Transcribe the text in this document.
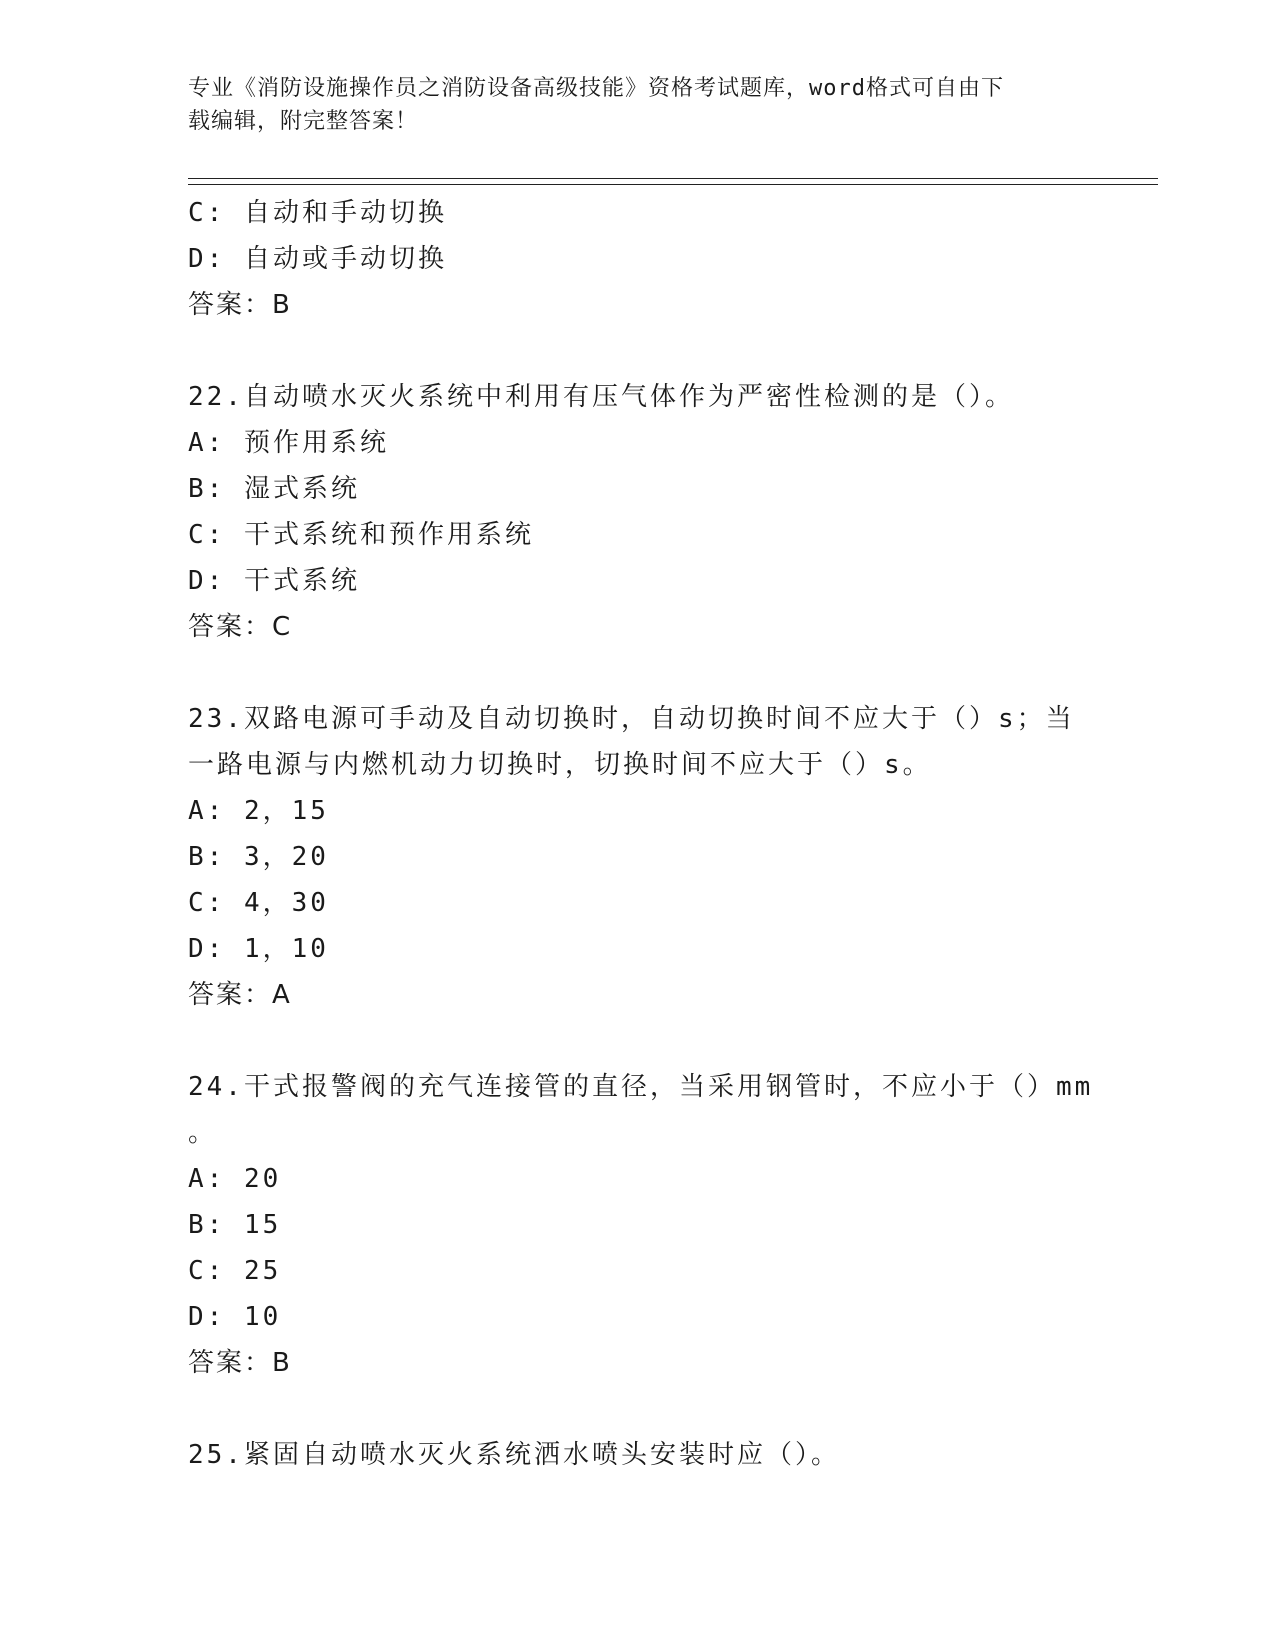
专业《消防设施操作员之消防设备高级技能》资格考试题库，word格式可自由下
载编辑，附完整答案！
C: 自动和手动切换
D: 自动或手动切换
答案：B
22.自动喷水灭火系统中利用有压气体作为严密性检测的是（）。
A: 预作用系统
B: 湿式系统
C: 干式系统和预作用系统
D: 干式系统
答案：C
23.双路电源可手动及自动切换时，自动切换时间不应大于（）s；当
一路电源与内燃机动力切换时，切换时间不应大于（）s。
A: 2，15
B: 3，20
C: 4，30
D: 1，10
答案：A
24.干式报警阀的充气连接管的直径，当采用钢管时，不应小于（）mm
。
A: 20
B: 15
C: 25
D: 10
答案：B
25.紧固自动喷水灭火系统洒水喷头安装时应（）。
